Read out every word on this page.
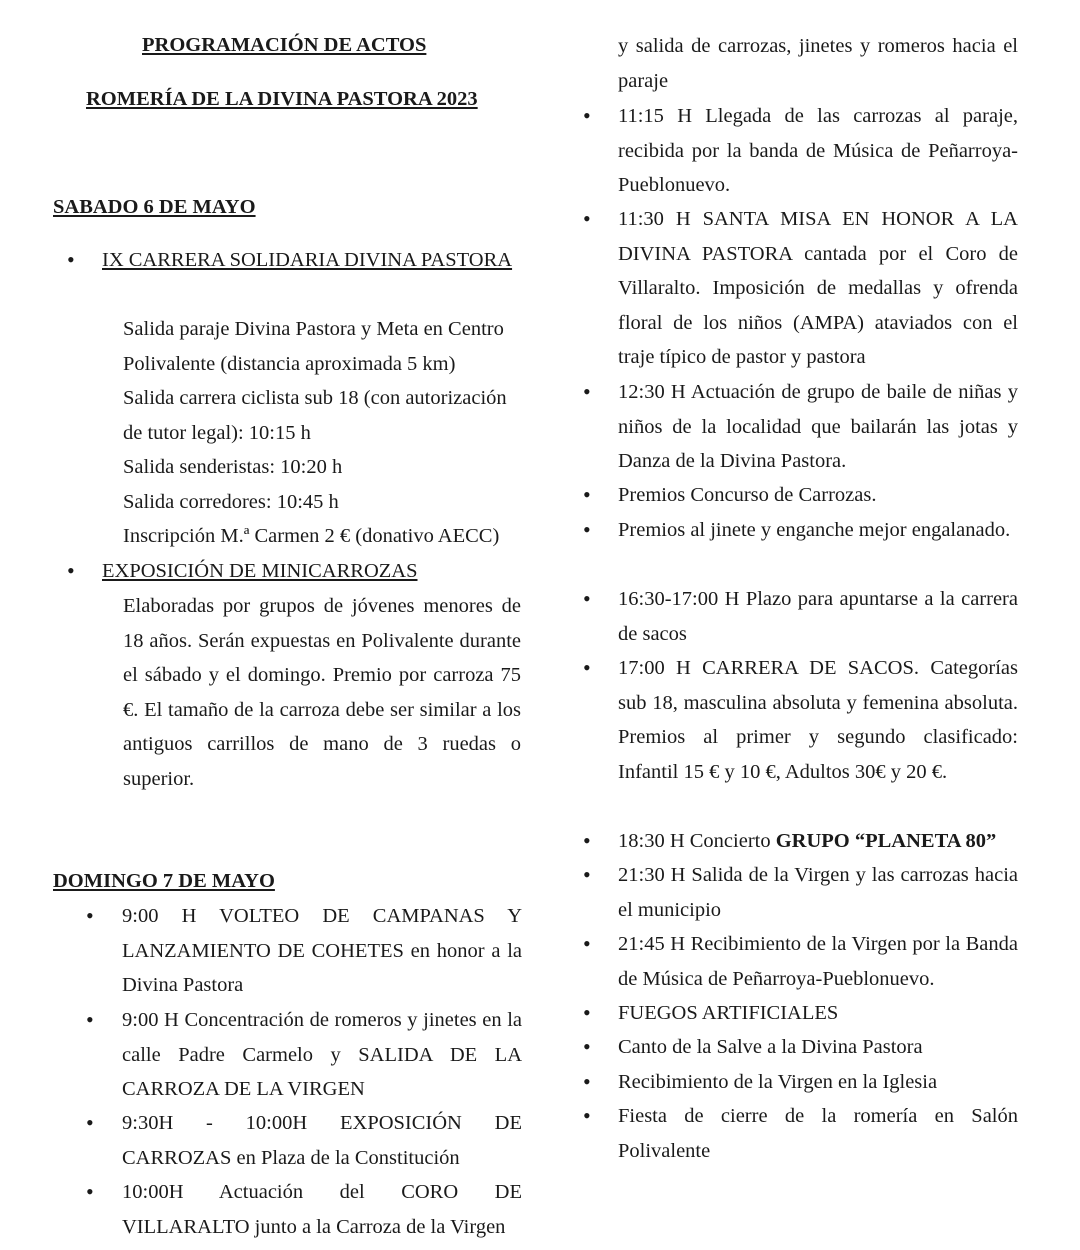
PROGRAMACIÓN DE ACTOS
ROMERÍA DE LA DIVINA PASTORA 2023
SABADO 6 DE MAYO
• IX CARRERA SOLIDARIA DIVINA PASTORA
Salida paraje Divina Pastora y Meta en Centro
Polivalente (distancia aproximada 5 km)
Salida carrera ciclista sub 18 (con autorización
de tutor legal): 10:15 h
Salida senderistas: 10:20 h
Salida corredores: 10:45 h
Inscripción M.ª Carmen 2 € (donativo AECC)
• EXPOSICIÓN DE MINICARROZAS
Elaboradas por grupos de jóvenes menores de 18 años. Serán expuestas en Polivalente durante el sábado y el domingo. Premio por carroza 75 €. El tamaño de la carroza debe ser similar a los antiguos carrillos de mano de 3 ruedas o superior.
DOMINGO 7 DE MAYO
• 9:00 H VOLTEO DE CAMPANAS Y LANZAMIENTO DE COHETES en honor a la Divina Pastora
• 9:00 H Concentración de romeros y jinetes en la calle Padre Carmelo y SALIDA DE LA CARROZA DE LA VIRGEN
• 9:30H - 10:00H EXPOSICIÓN DE CARROZAS en Plaza de la Constitución
• 10:00H Actuación del CORO DE VILLARALTO junto a la Carroza de la Virgen
y salida de carrozas, jinetes y romeros hacia el paraje
• 11:15 H Llegada de las carrozas al paraje, recibida por la banda de Música de Peñarroya-Pueblonuevo.
• 11:30 H SANTA MISA EN HONOR A LA DIVINA PASTORA cantada por el Coro de Villaralto. Imposición de medallas y ofrenda floral de los niños (AMPA) ataviados con el traje típico de pastor y pastora
• 12:30 H Actuación de grupo de baile de niñas y niños de la localidad que bailarán las jotas y Danza de la Divina Pastora.
• Premios Concurso de Carrozas.
• Premios al jinete y enganche mejor engalanado.
• 16:30-17:00 H Plazo para apuntarse a la carrera de sacos
• 17:00 H CARRERA DE SACOS. Categorías sub 18, masculina absoluta y femenina absoluta. Premios al primer y segundo clasificado: Infantil 15 € y 10 €, Adultos 30€ y 20 €.
• 18:30 H Concierto GRUPO “PLANETA 80”
• 21:30 H Salida de la Virgen y las carrozas hacia el municipio
• 21:45 H Recibimiento de la Virgen por la Banda de Música de Peñarroya-Pueblonuevo.
• FUEGOS ARTIFICIALES
• Canto de la Salve a la Divina Pastora
• Recibimiento de la Virgen en la Iglesia
• Fiesta de cierre de la romería en Salón Polivalente
